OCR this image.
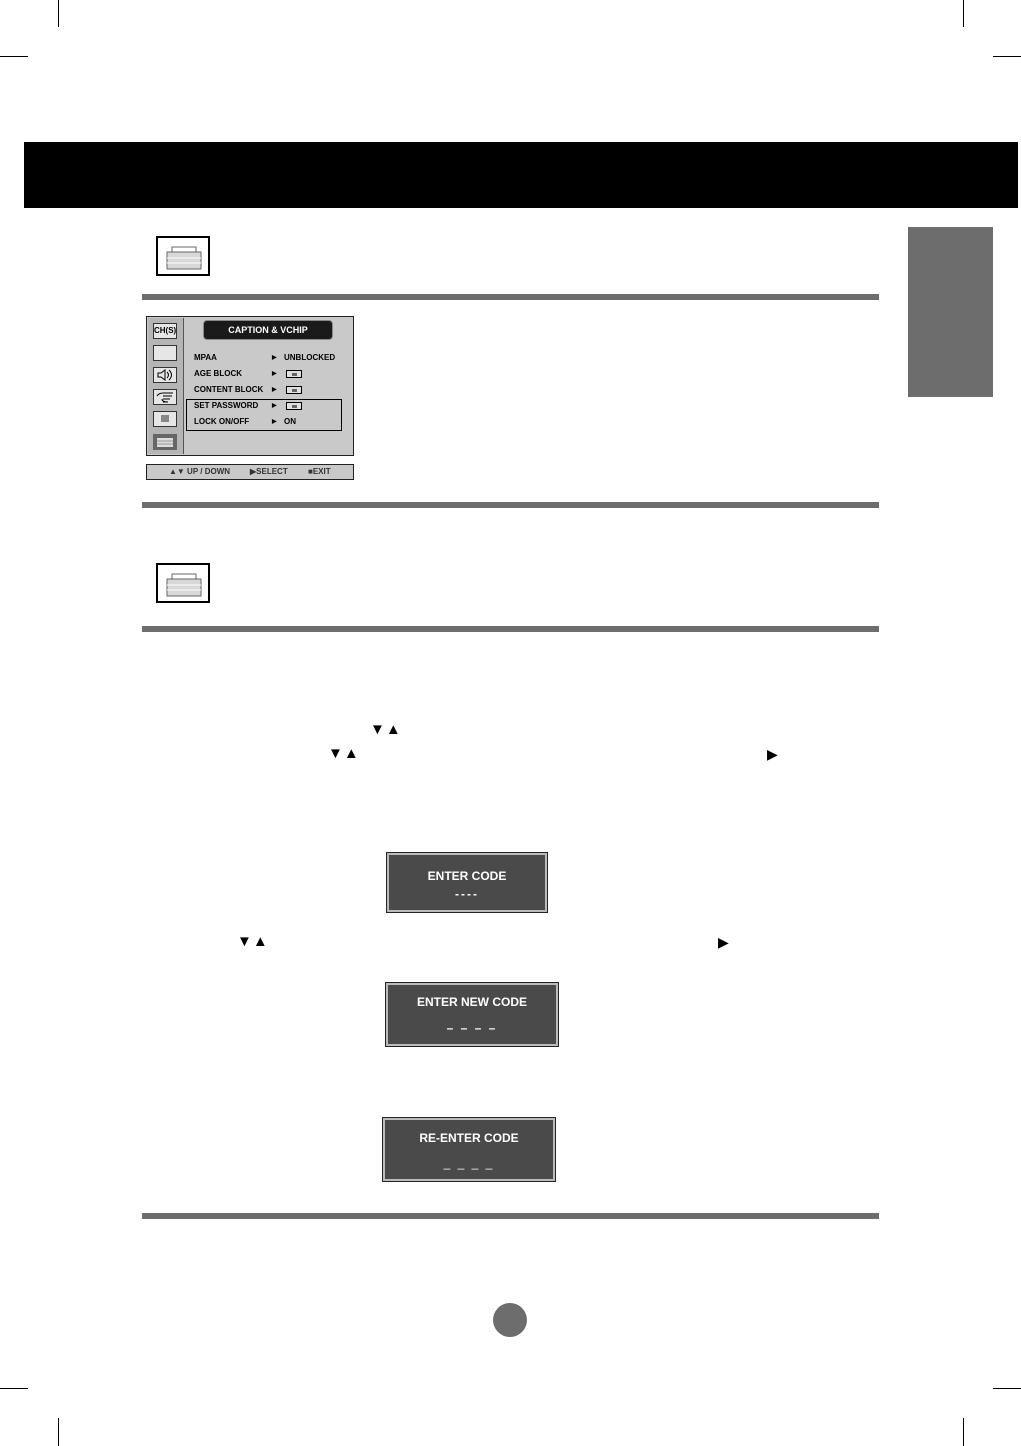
CH(S)	CAPTION & VCHIP
MPAA	▶ UNBLOCKED
AGE BLOCK	▶
CONTENT BLOCK ▶
SET PASSWORD ▶
LOCK ON/OFF	▶ ON
▲▼ UP / DOWN ▶SELECT	■EXIT
▼▲
▼▲	▶
ENTER CODE
----
▼▲	▶
ENTER NEW CODE
– – – –
RE-ENTER CODE
_ _ _ _
